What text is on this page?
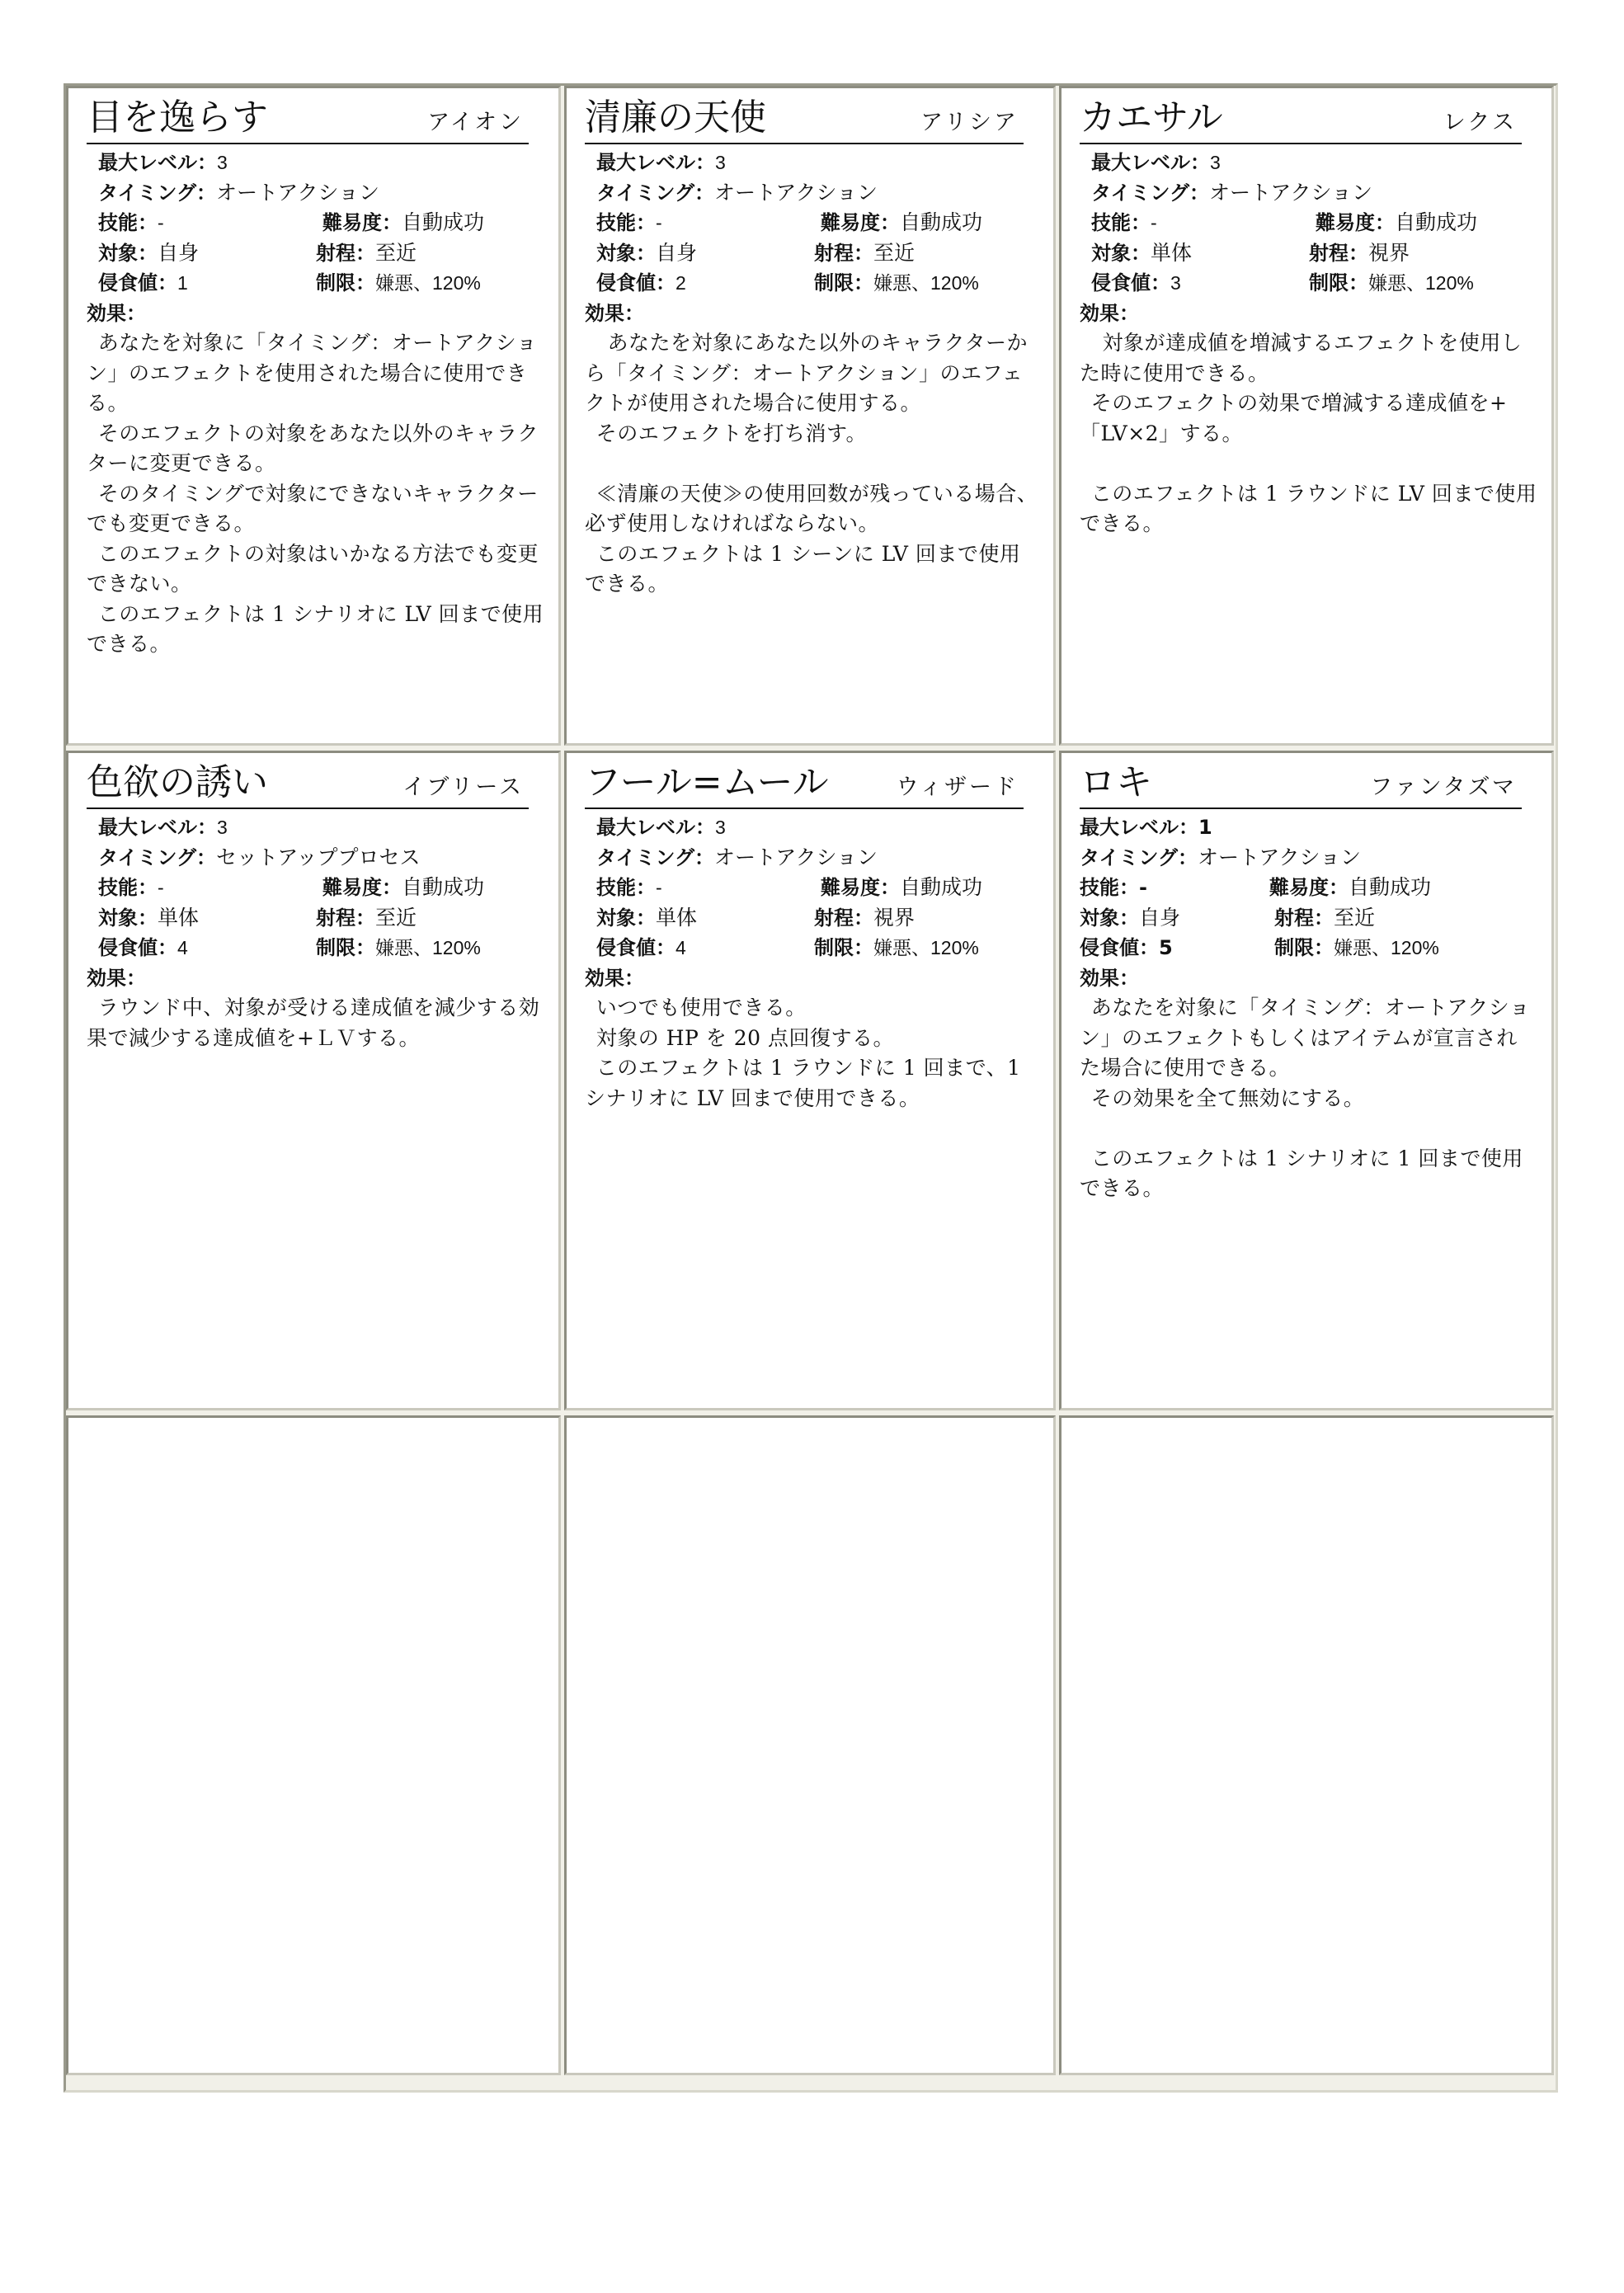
目を逸らす	アイオン
最大レベル： 3
タイミング： オートアクション
技能：-	難易度： 自動成功
対象：自身	射程： 至近
侵食値：1	制限： 嫌悪、120%
効果：

あなたを対象に「タイミング：オートアクション」のエフェクトを使用された場合に使用できる。

そのエフェクトの対象をあなた以外のキャラクターに変更できる。

そのタイミングで対象にできないキャラクターでも変更できる。

このエフェクトの対象はいかなる方法でも変更できない。

このエフェクトは 1 シナリオに LV 回まで使用できる。

清廉の天使	アリシア
最大レベル： 3
タイミング： オートアクション
技能：-	難易度： 自動成功
対象：自身	射程： 至近
侵食値：2	制限： 嫌悪、120%
効果：

あなたを対象にあなた以外のキャラクターから「タイミング：オートアクション」のエフェクトが使用された場合に使用する。

そのエフェクトを打ち消す。

≪清廉の天使≫の使用回数が残っている場合、必ず使用しなければならない。

このエフェクトは 1 シーンに LV 回まで使用できる。

カエサル	レクス
最大レベル： 3
タイミング： オートアクション
技能：-	難易度： 自動成功
対象：単体	射程： 視界
侵食値：3	制限： 嫌悪、120%
効果：

対象が達成値を増減するエフェクトを使用した時に使用できる。

そのエフェクトの効果で増減する達成値を+「LV×2」する。

このエフェクトは 1 ラウンドに LV 回まで使用できる。

色欲の誘い	イブリース
最大レベル： 3
タイミング： セットアッププロセス
技能：-	難易度： 自動成功
対象：単体	射程： 至近
侵食値：4	制限： 嫌悪、120%
効果：

ラウンド中、対象が受ける達成値を減少する効果で減少する達成値を+ＬＶする。

フール=ムール	ウィザード
最大レベル： 3
タイミング： オートアクション
技能：-	難易度： 自動成功
対象：単体	射程： 視界
侵食値：4	制限： 嫌悪、120%
効果：

いつでも使用できる。

対象の HP を 20 点回復する。

このエフェクトは 1 ラウンドに 1 回まで、1 シナリオに LV 回まで使用できる。

ロキ	ファンタズマ
最大レベル： 1
タイミング： オートアクション
技能：-	難易度： 自動成功
対象：自身	射程： 至近
侵食値：5	制限： 嫌悪、120%
効果：

あなたを対象に「タイミング：オートアクション」のエフェクトもしくはアイテムが宣言された場合に使用できる。

その効果を全て無効にする。

このエフェクトは 1 シナリオに 1 回まで使用できる。
